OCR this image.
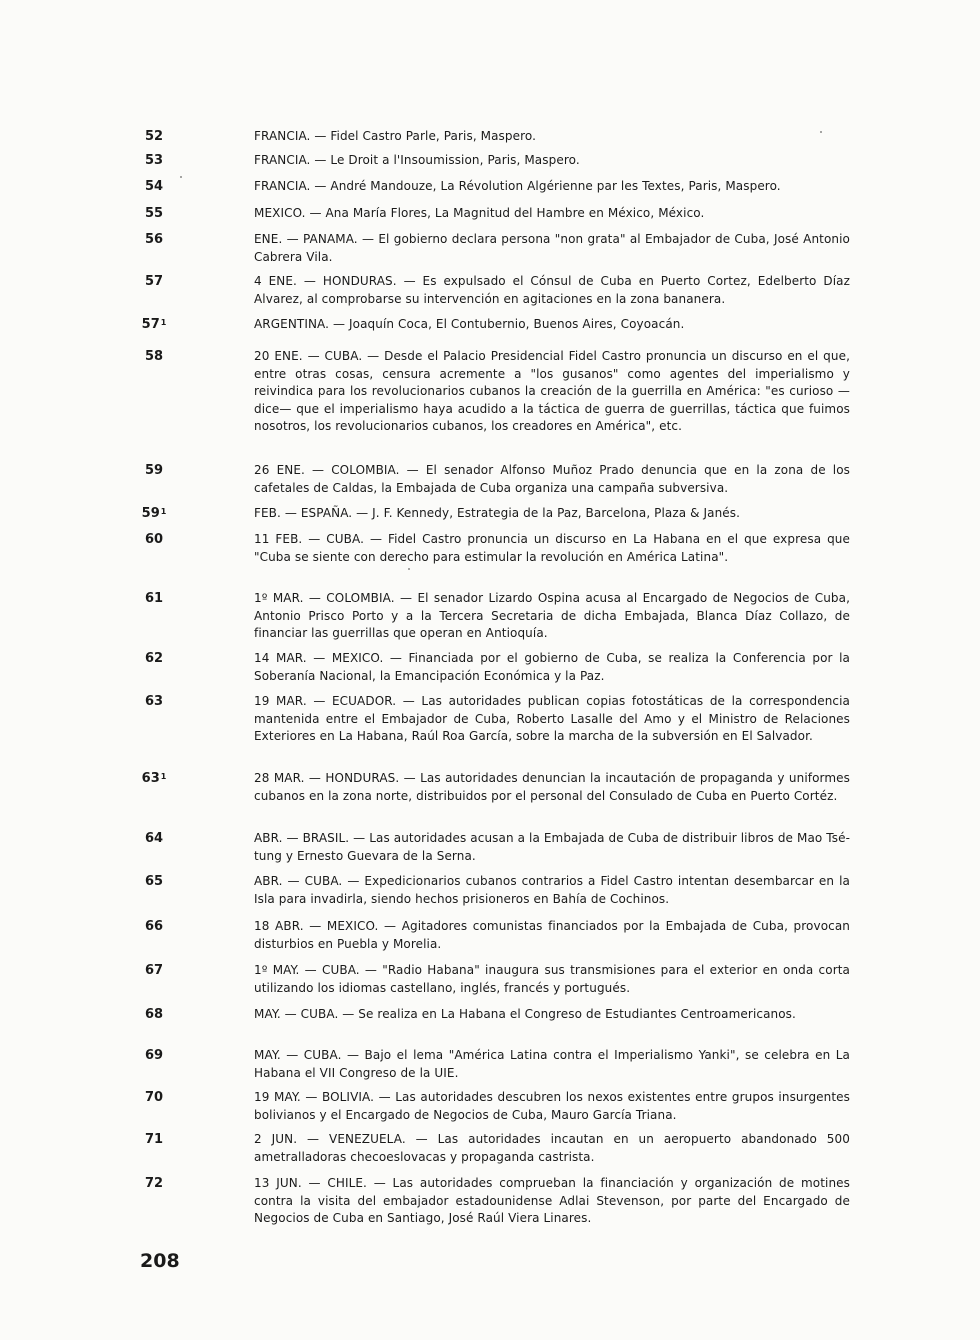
52	FRANCIA. — Fidel Castro Parle, Paris, Maspero.
53	FRANCIA. — Le Droit a l'Insoumission, Paris, Maspero.
54	FRANCIA. — André Mandouze, La Révolution Algérienne par les Textes, Paris, Maspero.
55	MEXICO. — Ana María Flores, La Magnitud del Hambre en México, México.
56	ENE. — PANAMA. — El gobierno declara persona "non grata" al Embajador de Cuba, José Antonio Cabrera Vila.
57	4 ENE. — HONDURAS. — Es expulsado el Cónsul de Cuba en Puerto Cortez, Edelberto Díaz Alvarez, al comprobarse su intervención en agitaciones en la zona bananera.
$57^1$	ARGENTINA. — Joaquín Coca, El Contubernio, Buenos Aires, Coyoacán.
58	20 ENE. — CUBA. — Desde el Palacio Presidencial Fidel Castro pronuncia un discurso en el que, entre otras cosas, censura acremente a "los gusanos" como agentes del imperialismo y reivindica para los revolucionarios cubanos la creación de la guerrilla en América: "es curioso —dice— que el imperialismo haya acudido a la táctica de guerra de guerrillas, táctica que fuimos nosotros, los revolucionarios cubanos, los creadores en América", etc.
59	26 ENE. — COLOMBIA. — El senador Alfonso Muñoz Prado denuncia que en la zona de los cafetales de Caldas, la Embajada de Cuba organiza una campaña subversiva.
$59^1$	FEB. — ESPAÑA. — J. F. Kennedy, Estrategia de la Paz, Barcelona, Plaza & Janés.
60	11 FEB. — CUBA. — Fidel Castro pronuncia un discurso en La Habana en el que expresa que "Cuba se siente con derecho para estimular la revolución en América Latina".
61	1º MAR. — COLOMBIA. — El senador Lizardo Ospina acusa al Encargado de Negocios de Cuba, Antonio Prisco Porto y a la Tercera Secretaria de dicha Embajada, Blanca Díaz Collazo, de financiar las guerrillas que operan en Antioquía.
62	14 MAR. — MEXICO. — Financiada por el gobierno de Cuba, se realiza la Conferencia por la Soberanía Nacional, la Emancipación Económica y la Paz.
63	19 MAR. — ECUADOR. — Las autoridades publican copias fotostáticas de la correspondencia mantenida entre el Embajador de Cuba, Roberto Lasalle del Amo y el Ministro de Relaciones Exteriores en La Habana, Raúl Roa García, sobre la marcha de la subversión en El Salvador.
$63^1$	28 MAR. — HONDURAS. — Las autoridades denuncian la incautación de propaganda y uniformes cubanos en la zona norte, distribuidos por el personal del Consulado de Cuba en Puerto Cortéz.
64	ABR. — BRASIL. — Las autoridades acusan a la Embajada de Cuba de distribuir libros de Mao Tsé-tung y Ernesto Guevara de la Serna.
65	ABR. — CUBA. — Expedicionarios cubanos contrarios a Fidel Castro intentan desembarcar en la Isla para invadirla, siendo hechos prisioneros en Bahía de Cochinos.
66	18 ABR. — MEXICO. — Agitadores comunistas financiados por la Embajada de Cuba, provocan disturbios en Puebla y Morelia.
67	1º MAY. — CUBA. — "Radio Habana" inaugura sus transmisiones para el exterior en onda corta utilizando los idiomas castellano, inglés, francés y portugués.
68	MAY. — CUBA. — Se realiza en La Habana el Congreso de Estudiantes Centroamericanos.
69	MAY. — CUBA. — Bajo el lema "América Latina contra el Imperialismo Yanki", se celebra en La Habana el VII Congreso de la UIE.
70	19 MAY. — BOLIVIA. — Las autoridades descubren los nexos existentes entre grupos insurgentes bolivianos y el Encargado de Negocios de Cuba, Mauro García Triana.
71	2 JUN. — VENEZUELA. — Las autoridades incautan en un aeropuerto abandonado 500 ametralladoras checoeslovacas y propaganda castrista.
72	13 JUN. — CHILE. — Las autoridades comprueban la financiación y organización de motines contra la visita del embajador estadounidense Adlai Stevenson, por parte del Encargado de Negocios de Cuba en Santiago, José Raúl Viera Linares.
208
